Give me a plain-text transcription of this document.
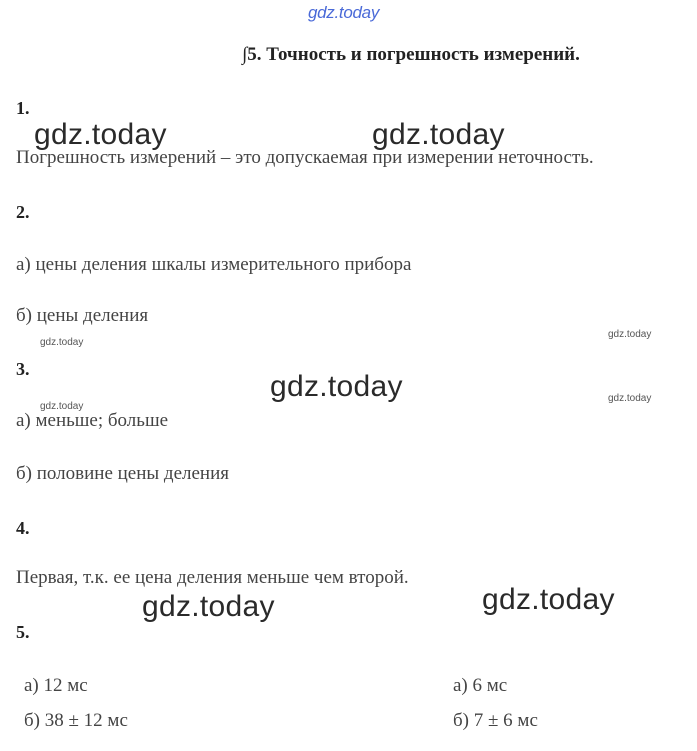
gdz.today
∫5. Точность и погрешность измерений.
1.
Погрешность измерений – это допускаемая при измерении неточность.
2.
а) цены деления шкалы измерительного прибора
б) цены деления
3.
а) меньше; больше
б) половине цены деления
4.
Первая, т.к. ее цена деления меньше чем второй.
5.
а) 12 мс
б) 38 ± 12 мс
а) 6 мс
б) 7 ± 6 мс
gdz.today	gdz.today
gdz.today
gdz.today	gdz.today
gdz.today
gdz.today
gdz.today
gdz.today
